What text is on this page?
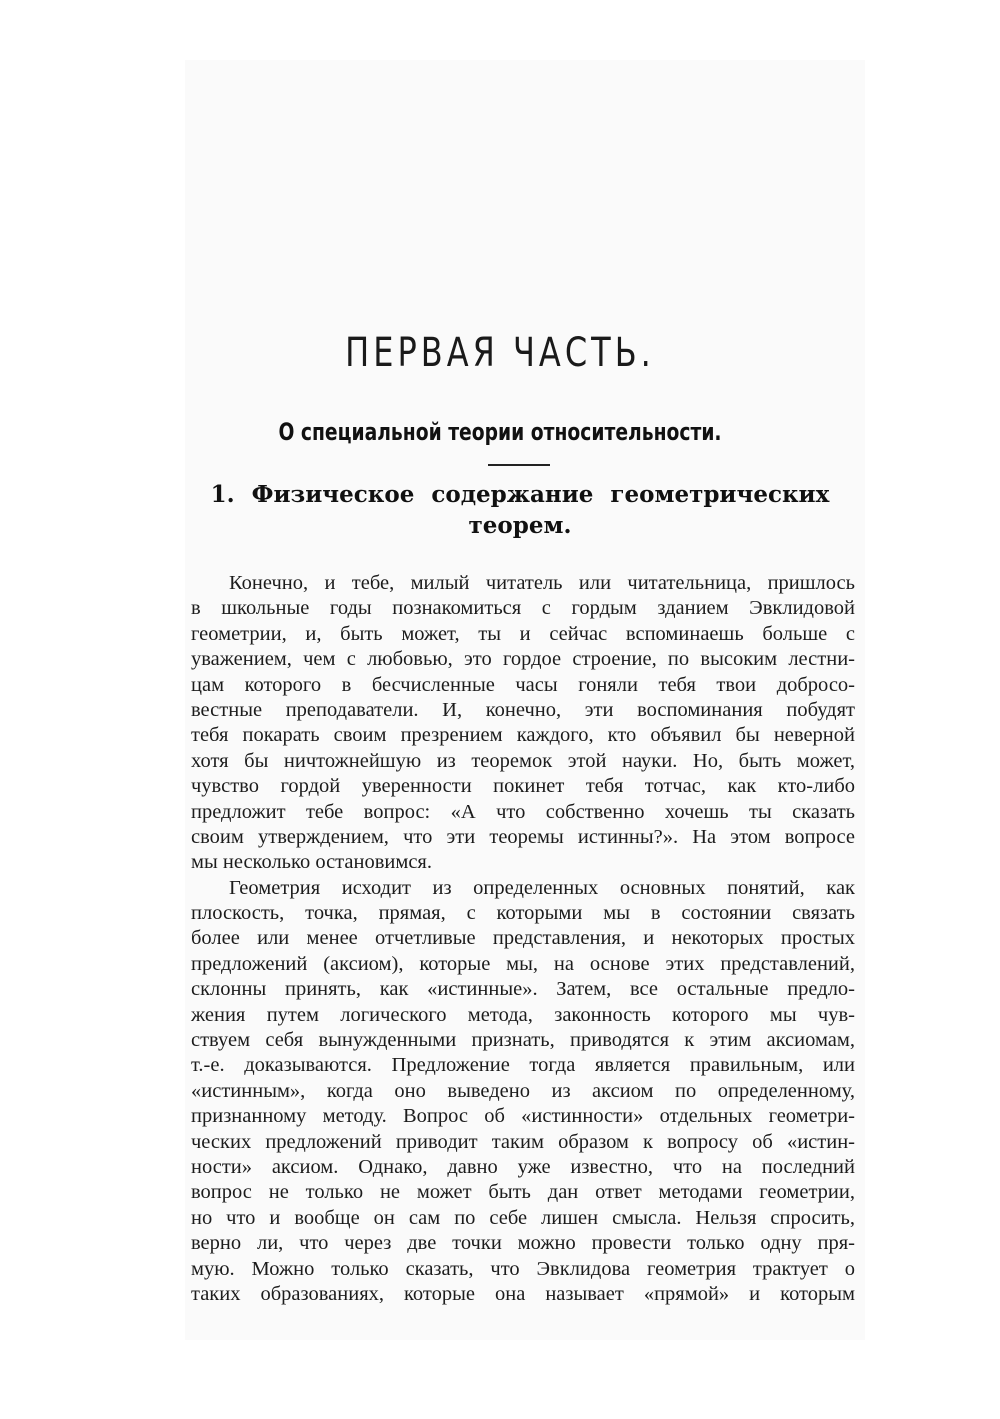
ПЕРВАЯ ЧАСТЬ.
О специальной теории относительности.
1. Физическое содержание геометрических
теорем.
Конечно, и тебе, милый читатель или читательница, пришлось
в школьные годы познакомиться с гордым зданием Эвклидовой
геометрии, и, быть может, ты и сейчас вспоминаешь больше с
уважением, чем с любовью, это гордое строение, по высоким лестни-
цам которого в бесчисленные часы гоняли тебя твои добросо-
вестные преподаватели. И, конечно, эти воспоминания побудят
тебя покарать своим презрением каждого, кто объявил бы неверной
хотя бы ничтожнейшую из теоремок этой науки. Но, быть может,
чувство гордой уверенности покинет тебя тотчас, как кто-либо
предложит тебе вопрос: «А что собственно хочешь ты сказать
своим утверждением, что эти теоремы истинны?». На этом вопросе
мы несколько остановимся.
Геометрия исходит из определенных основных понятий, как
плоскость, точка, прямая, с которыми мы в состоянии связать
более или менее отчетливые представления, и некоторых простых
предложений (аксиом), которые мы, на основе этих представлений,
склонны принять, как «истинные». Затем, все остальные предло-
жения путем логического метода, законность которого мы чув-
ствуем себя вынужденными признать, приводятся к этим аксиомам,
т.-е. доказываются. Предложение тогда является правильным, или
«истинным», когда оно выведено из аксиом по определенному,
признанному методу. Вопрос об «истинности» отдельных геометри-
ческих предложений приводит таким образом к вопросу об «истин-
ности» аксиом. Однако, давно уже известно, что на последний
вопрос не только не может быть дан ответ методами геометрии,
но что и вообще он сам по себе лишен смысла. Нельзя спросить,
верно ли, что через две точки можно провести только одну пря-
мую. Можно только сказать, что Эвклидова геометрия трактует о
таких образованиях, которые она называет «прямой» и которым
